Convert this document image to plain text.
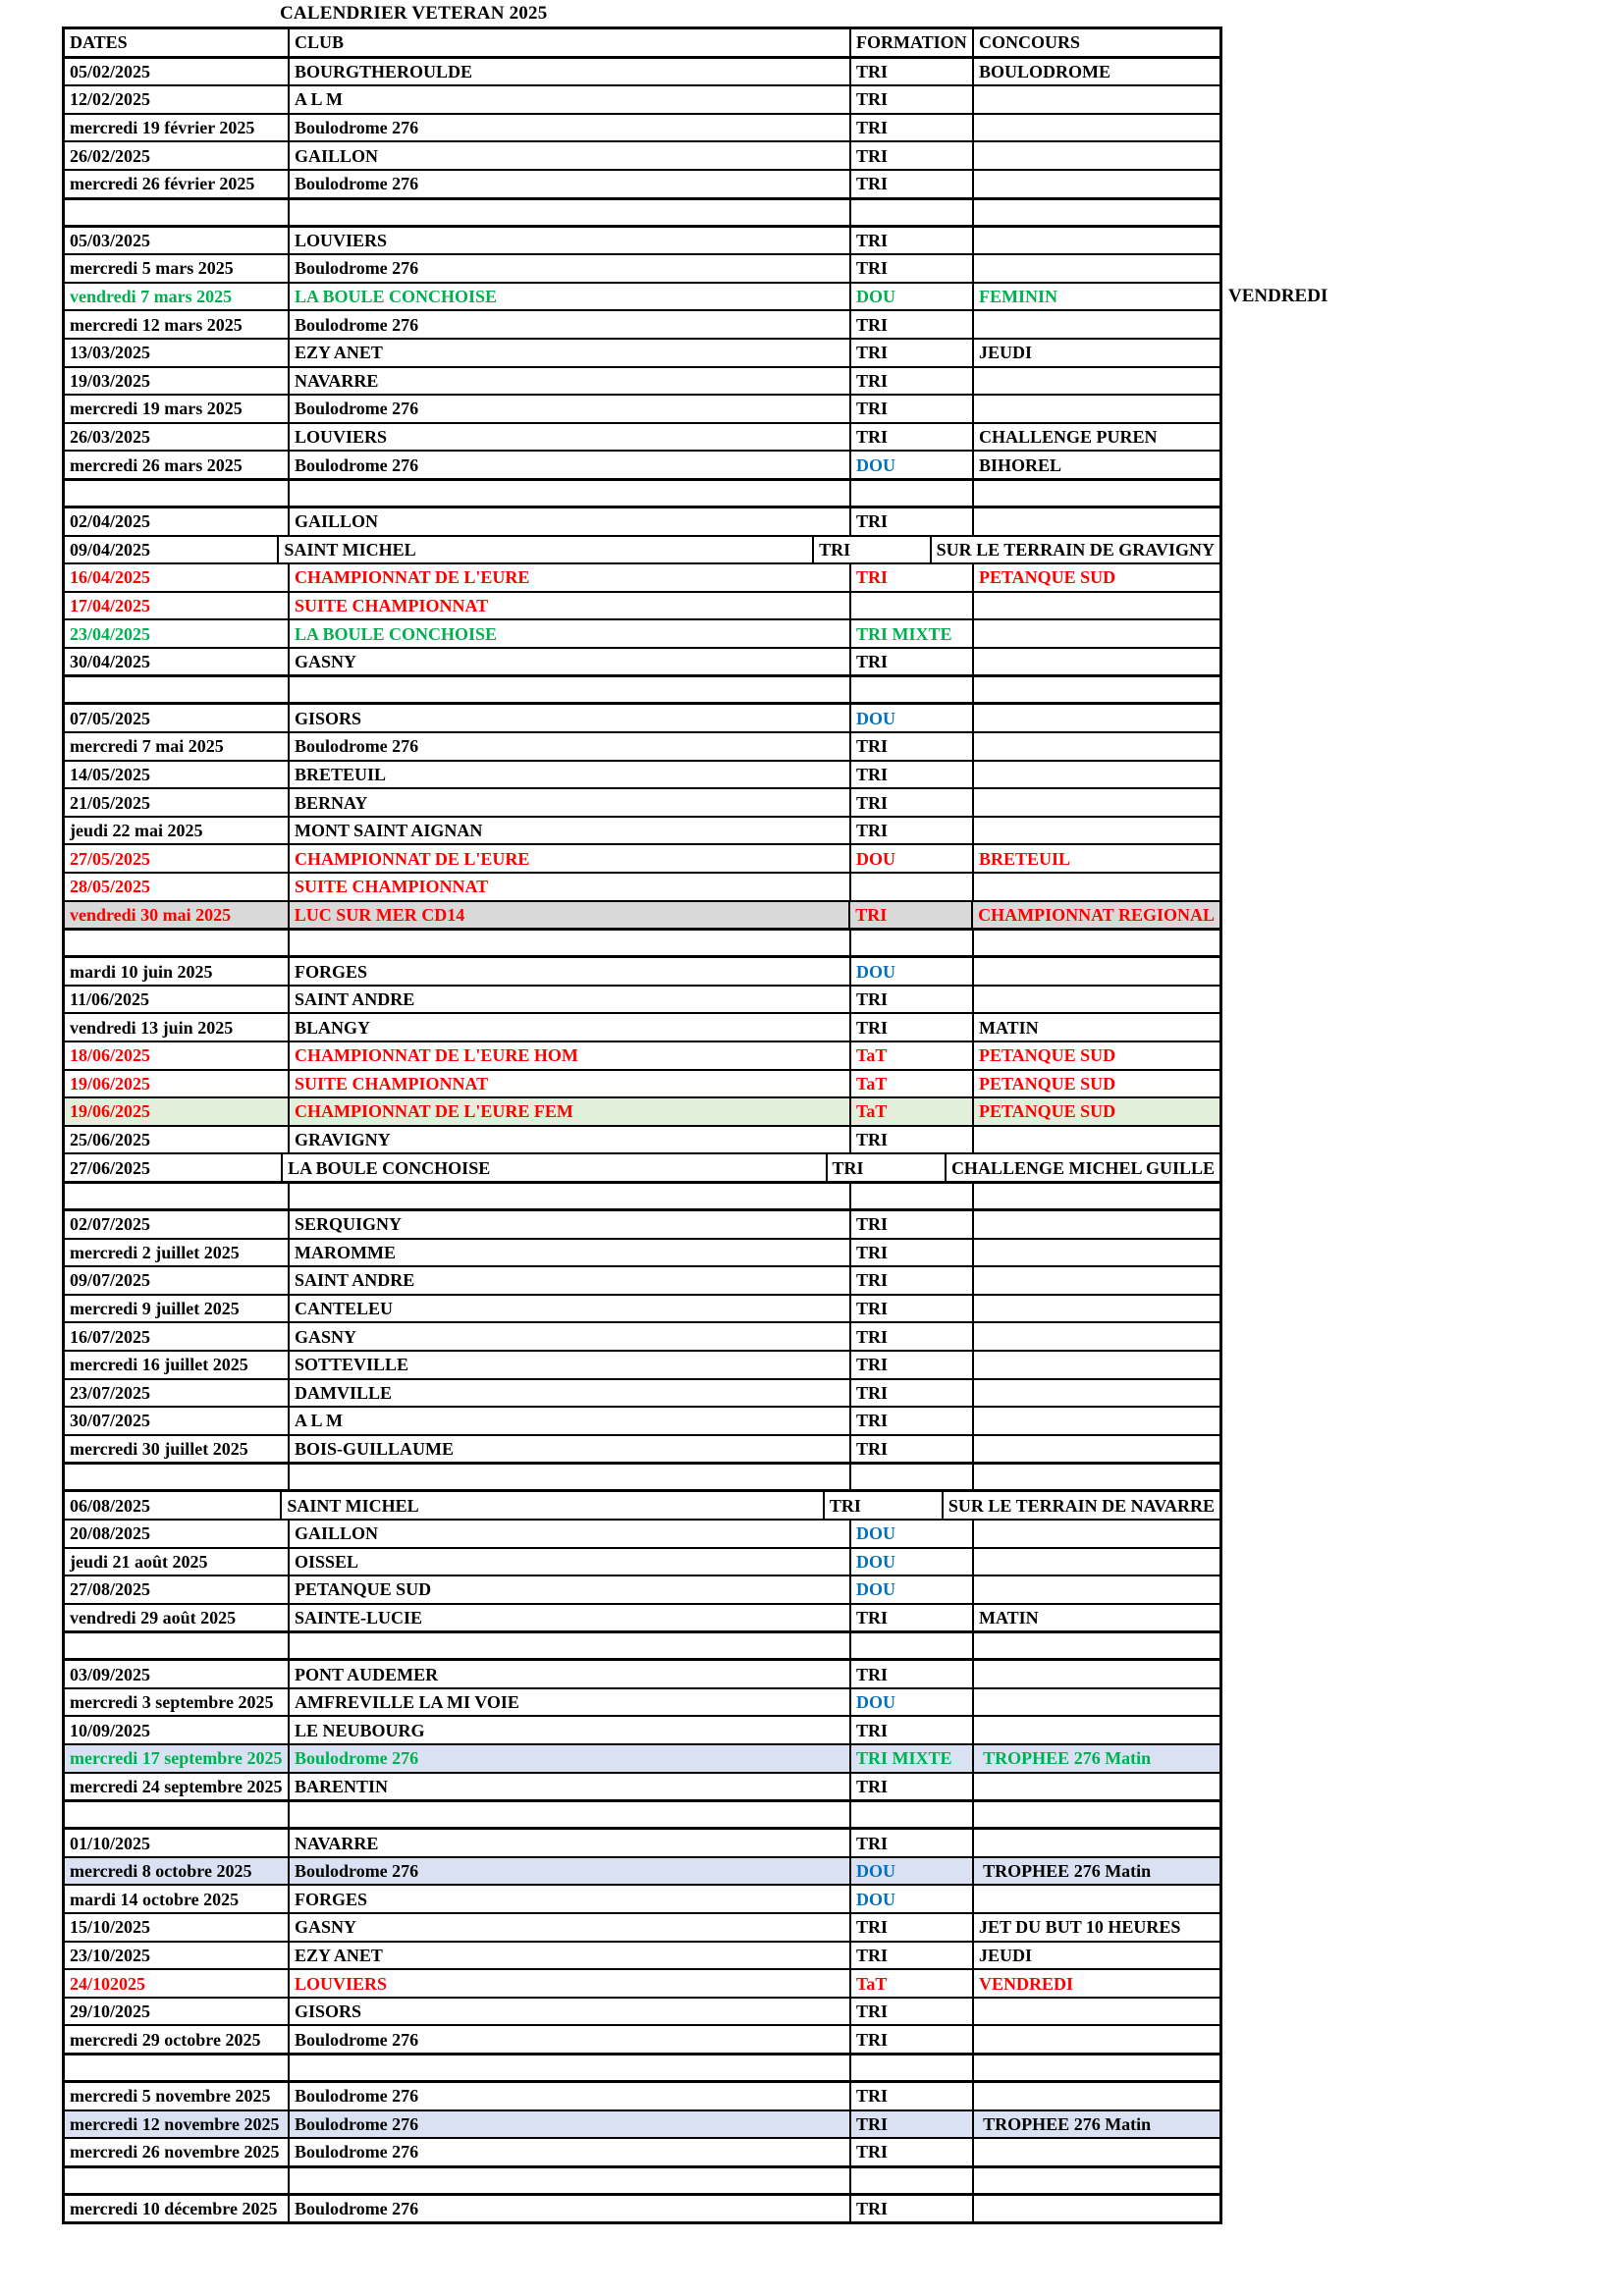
CALENDRIER VETERAN 2025
DATES	CLUB	FORMATION CONCOURS
05/02/2025	BOURGTHEROULDE	TRI	BOULODROME
12/02/2025	A L M	TRI
mercredi 19 février 2025	Boulodrome 276	TRI
26/02/2025	GAILLON	TRI
mercredi 26 février 2025	Boulodrome 276	TRI
05/03/2025	LOUVIERS	TRI
mercredi 5 mars 2025	Boulodrome 276	TRI
vendredi 7 mars 2025	LA BOULE CONCHOISE	DOU	FEMININ	VENDREDI
mercredi 12 mars 2025	Boulodrome 276	TRI
13/03/2025	EZY ANET	TRI	JEUDI
19/03/2025	NAVARRE	TRI
mercredi 19 mars 2025	Boulodrome 276	TRI
26/03/2025	LOUVIERS	TRI	CHALLENGE PUREN
mercredi 26 mars 2025	Boulodrome 276	DOU	BIHOREL
02/04/2025	GAILLON	TRI
09/04/2025	SAINT MICHEL	TRI	SUR LE TERRAIN DE GRAVIGNY
16/04/2025	CHAMPIONNAT DE L'EURE	TRI	PETANQUE SUD
17/04/2025	SUITE CHAMPIONNAT
23/04/2025	LA BOULE CONCHOISE	TRI MIXTE
30/04/2025	GASNY	TRI
07/05/2025	GISORS	DOU
mercredi 7 mai 2025	Boulodrome 276	TRI
14/05/2025	BRETEUIL	TRI
21/05/2025	BERNAY	TRI
jeudi 22 mai 2025	MONT SAINT AIGNAN	TRI
27/05/2025	CHAMPIONNAT DE L'EURE	DOU	BRETEUIL
28/05/2025	SUITE CHAMPIONNAT
vendredi 30 mai 2025	LUC SUR MER CD14	TRI	CHAMPIONNAT REGIONAL
mardi 10 juin 2025	FORGES	DOU
11/06/2025	SAINT ANDRE	TRI
vendredi 13 juin 2025	BLANGY	TRI	MATIN
18/06/2025	CHAMPIONNAT DE L'EURE HOM	TaT	PETANQUE SUD
19/06/2025	SUITE CHAMPIONNAT	TaT	PETANQUE SUD
19/06/2025	CHAMPIONNAT DE L'EURE FEM	TaT	PETANQUE SUD
25/06/2025	GRAVIGNY	TRI
27/06/2025	LA BOULE CONCHOISE	TRI	CHALLENGE MICHEL GUILLE
02/07/2025	SERQUIGNY	TRI
mercredi 2 juillet 2025	MAROMME	TRI
09/07/2025	SAINT ANDRE	TRI
mercredi 9 juillet 2025	CANTELEU	TRI
16/07/2025	GASNY	TRI
mercredi 16 juillet 2025	SOTTEVILLE	TRI
23/07/2025	DAMVILLE	TRI
30/07/2025	A L M	TRI
mercredi 30 juillet 2025	BOIS-GUILLAUME	TRI
06/08/2025	SAINT MICHEL	TRI	SUR LE TERRAIN DE NAVARRE
20/08/2025	GAILLON	DOU
jeudi 21 août 2025	OISSEL	DOU
27/08/2025	PETANQUE SUD	DOU
vendredi 29 août 2025	SAINTE-LUCIE	TRI	MATIN
03/09/2025	PONT AUDEMER	TRI
mercredi 3 septembre 2025	AMFREVILLE LA MI VOIE	DOU
10/09/2025	LE NEUBOURG	TRI
mercredi 17 septembre 2025 Boulodrome 276	TRI MIXTE	TROPHEE 276 Matin
mercredi 24 septembre 2025 BARENTIN	TRI
01/10/2025	NAVARRE	TRI
mercredi 8 octobre 2025	Boulodrome 276	DOU	TROPHEE 276 Matin
mardi 14 octobre 2025	FORGES	DOU
15/10/2025	GASNY	TRI	JET DU BUT 10 HEURES
23/10/2025	EZY ANET	TRI	JEUDI
24/102025	LOUVIERS	TaT	VENDREDI
29/10/2025	GISORS	TRI
mercredi 29 octobre 2025	Boulodrome 276	TRI
mercredi 5 novembre 2025	Boulodrome 276	TRI
mercredi 12 novembre 2025 Boulodrome 276	TRI	TROPHEE 276 Matin
mercredi 26 novembre 2025 Boulodrome 276	TRI
mercredi 10 décembre 2025 Boulodrome 276	TRI
